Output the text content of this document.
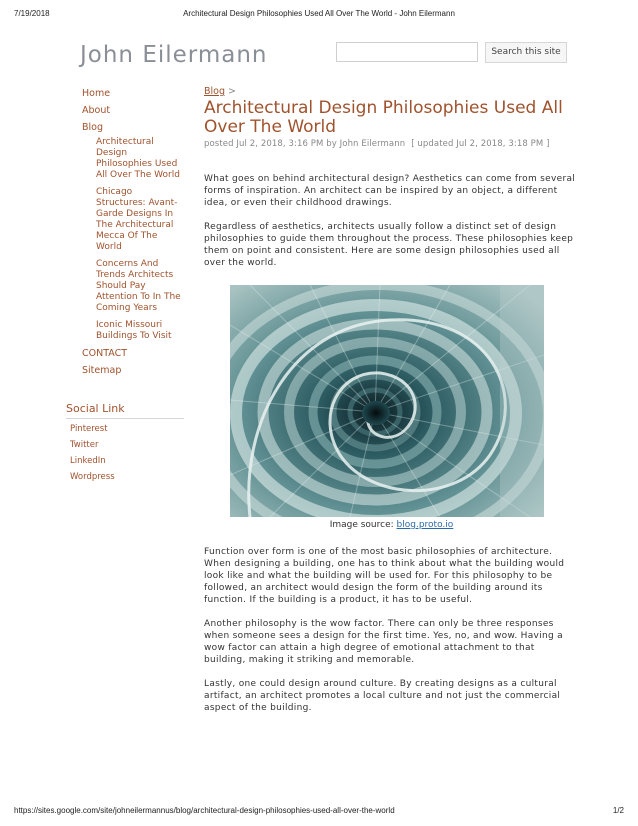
7/19/2018	Architectural Design Philosophies Used All Over The World - John Eilermann
John Eilermann	Search this site
Home
About
Blog
Architectural Design Philosophies Used All Over The World
Chicago Structures: Avant-Garde Designs In The Architectural Mecca Of The World
Concerns And Trends Architects Should Pay Attention To In The Coming Years
Iconic Missouri Buildings To Visit
CONTACT
Sitemap
Social Link
Pinterest
Twitter
LinkedIn
Wordpress
Blog >
Architectural Design Philosophies Used All Over The World
posted Jul 2, 2018, 3:16 PM by John Eilermann [ updated Jul 2, 2018, 3:18 PM ]

What goes on behind architectural design? Aesthetics can come from several forms of inspiration. An architect can be inspired by an object, a different idea, or even their childhood drawings.

Regardless of aesthetics, architects usually follow a distinct set of design philosophies to guide them throughout the process. These philosophies keep them on point and consistent. Here are some design philosophies used all over the world.

Image source: blog.proto.io

Function over form is one of the most basic philosophies of architecture. When designing a building, one has to think about what the building would look like and what the building will be used for. For this philosophy to be followed, an architect would design the form of the building around its function. If the building is a product, it has to be useful.

Another philosophy is the wow factor. There can only be three responses when someone sees a design for the first time. Yes, no, and wow. Having a wow factor can attain a high degree of emotional attachment to that building, making it striking and memorable.

Lastly, one could design around culture. By creating designs as a cultural artifact, an architect promotes a local culture and not just the commercial aspect of the building.

https://sites.google.com/site/johneilermannus/blog/architectural-design-philosophies-used-all-over-the-world	1/2
